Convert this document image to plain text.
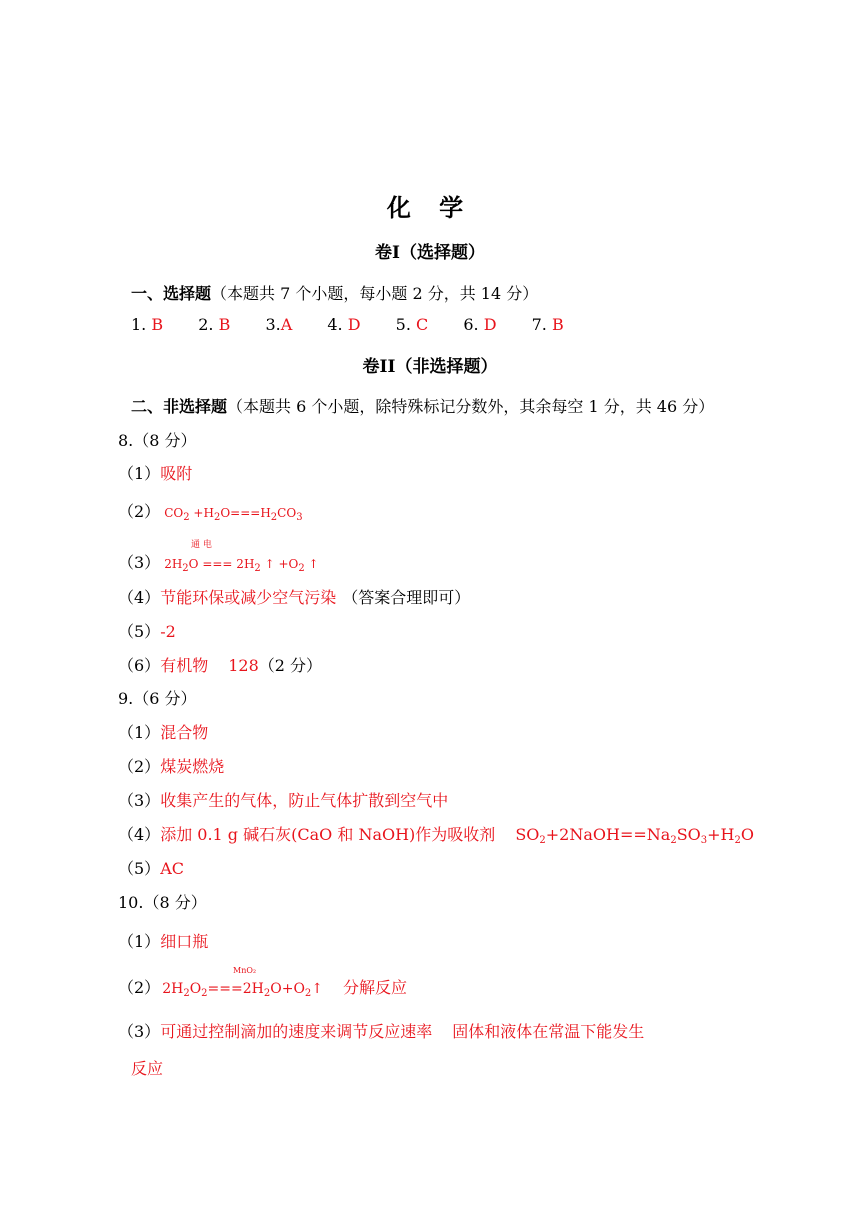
化 学
卷I（选择题）
一、选择题（本题共 7 个小题，每小题 2 分，共 14 分）
1. B 2. B 3.A 4. D 5. C 6. D 7. B
卷II（非选择题）
二、非选择题（本题共 6 个小题，除特殊标记分数外，其余每空 1 分，共 46 分）
8.（8 分）
（1）吸附
（2） $CO_2 +H_2O===H_2CO_3$
通 电
（3） $2H_2O$ === $2H_2$ ↑ $+O_2$ ↑
（4）节能环保或减少空气污染 （答案合理即可）
（5）-2
（6）有机物 128（2 分）
9.（6 分）
（1）混合物
（2）煤炭燃烧
（3）收集产生的气体，防止气体扩散到空气中
（4）添加 0.1 g 碱石灰(CaO 和 NaOH)作为吸收剂 $SO_2+2NaOH==Na_2SO_3+H_2O$
（5）AC
10.（8 分）
（1）细口瓶
MnO₂
（2） $2H_2O_2===2H_2O+O_2↑$ 分解反应
（3）可通过控制滴加的速度来调节反应速率 固体和液体在常温下能发生
反应
